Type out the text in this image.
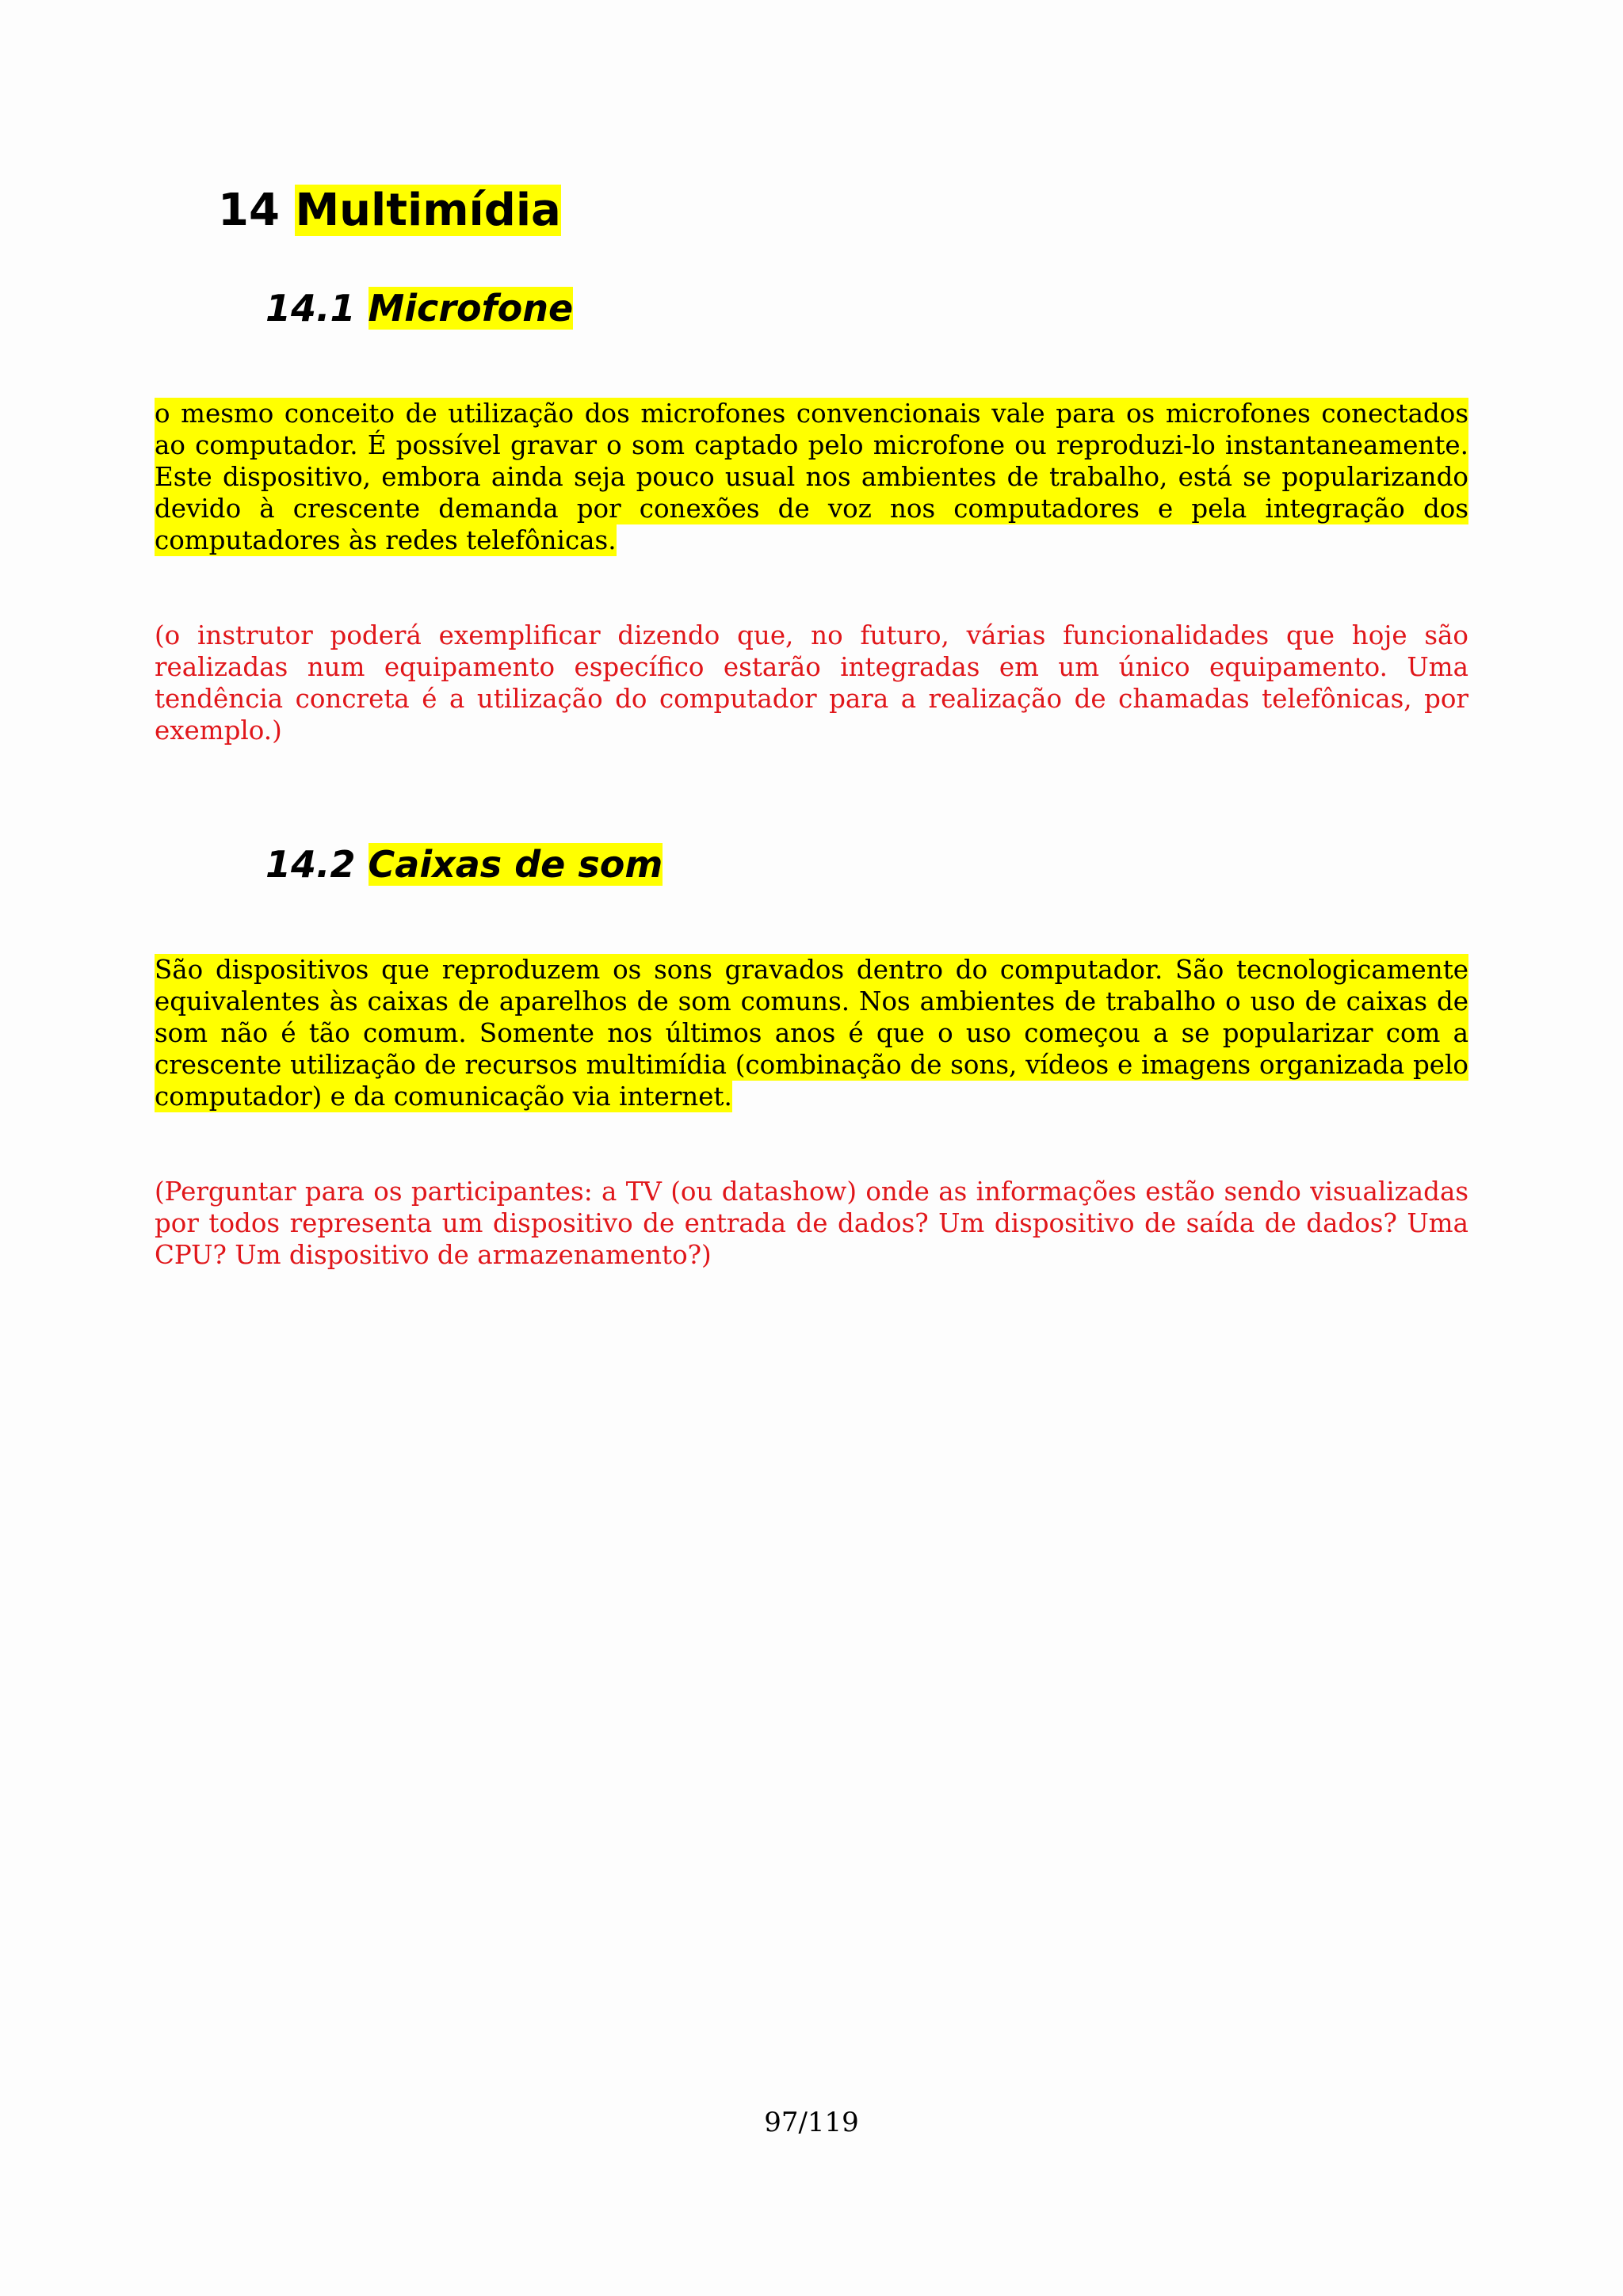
14 Multimídia
14.1 Microfone

o mesmo conceito de utilização dos microfones convencionais vale para os microfones conectados ao computador. É possível gravar o som captado pelo microfone ou reproduzi-lo instantaneamente. Este dispositivo, embora ainda seja pouco usual nos ambientes de trabalho, está se popularizando devido à crescente demanda por conexões de voz nos computadores e pela integração dos computadores às redes telefônicas.

(o instrutor poderá exemplificar dizendo que, no futuro, várias funcionalidades que hoje são realizadas num equipamento específico estarão integradas em um único equipamento. Uma tendência concreta é a utilização do computador para a realização de chamadas telefônicas, por exemplo.)

14.2 Caixas de som

São dispositivos que reproduzem os sons gravados dentro do computador. São tecnologicamente equivalentes às caixas de aparelhos de som comuns. Nos ambientes de trabalho o uso de caixas de som não é tão comum. Somente nos últimos anos é que o uso começou a se popularizar com a crescente utilização de recursos multimídia (combinação de sons, vídeos e imagens organizada pelo computador) e da comunicação via internet.

(Perguntar para os participantes: a TV (ou datashow) onde as informações estão sendo visualizadas por todos representa um dispositivo de entrada de dados? Um dispositivo de saída de dados? Uma CPU? Um dispositivo de armazenamento?)

97/119
